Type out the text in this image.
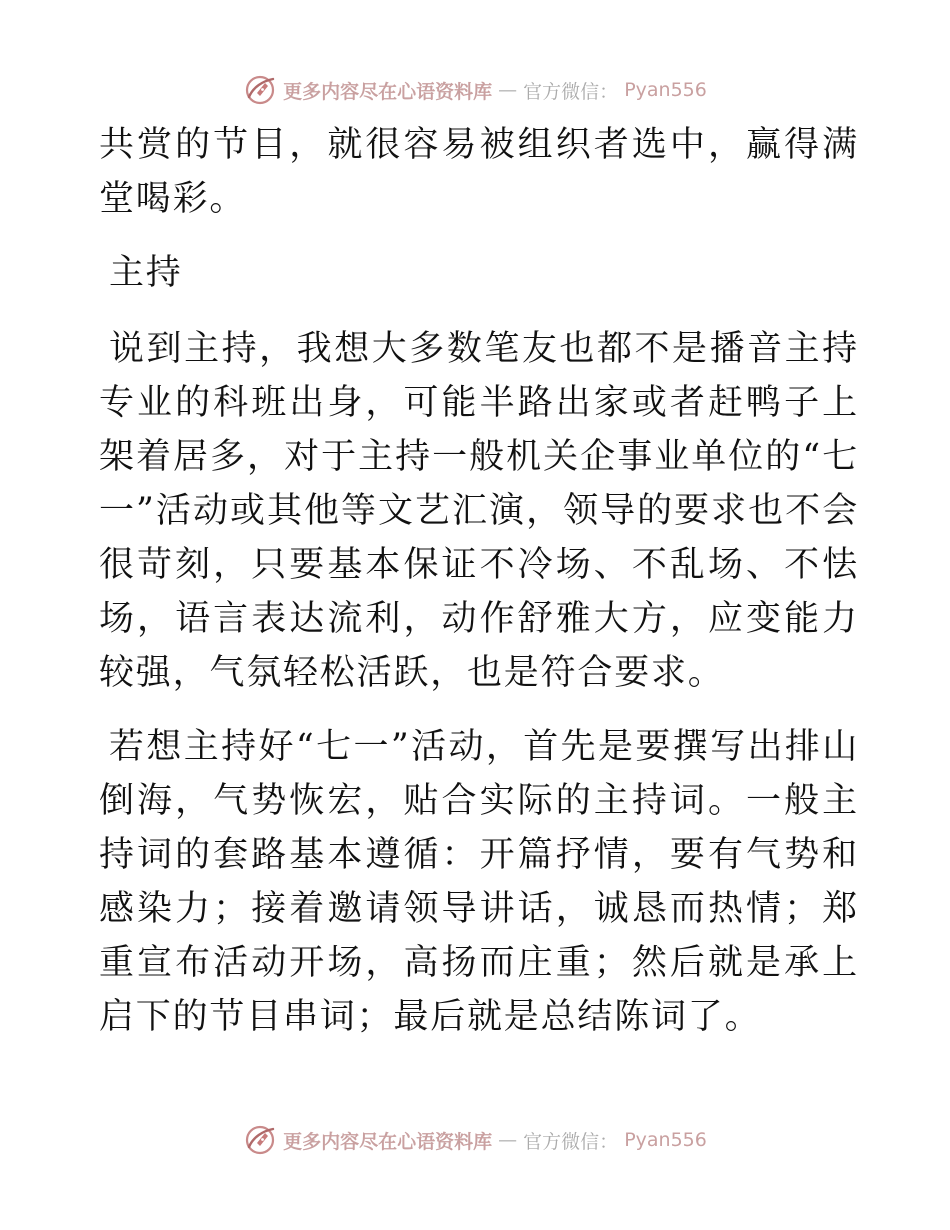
更多内容尽在心语资料库 — 官方微信： Pyan556

共赏的节目，就很容易被组织者选中，赢得满堂喝彩。

主持

说到主持，我想大多数笔友也都不是播音主持专业的科班出身，可能半路出家或者赶鸭子上架着居多，对于主持一般机关企事业单位的“七一”活动或其他等文艺汇演，领导的要求也不会很苛刻，只要基本保证不冷场、不乱场、不怯场，语言表达流利，动作舒雅大方，应变能力较强，气氛轻松活跃，也是符合要求。

若想主持好“七一”活动，首先是要撰写出排山倒海，气势恢宏，贴合实际的主持词。一般主持词的套路基本遵循：开篇抒情，要有气势和感染力；接着邀请领导讲话，诚恳而热情；郑重宣布活动开场，高扬而庄重；然后就是承上启下的节目串词；最后就是总结陈词了。

更多内容尽在心语资料库 — 官方微信： Pyan556
